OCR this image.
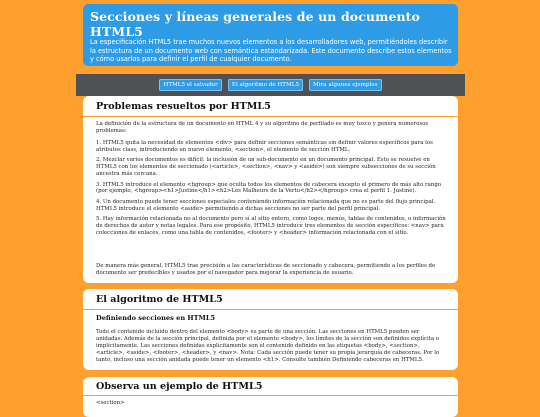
Secciones y líneas generales de un documento HTML5

La especificación HTML5 trae muchos nuevos elementos a los desarrolladores web, permitiéndoles describir la estructura de un documento web con semántica estandarizada. Este documento describe estos elementos y cómo usarlos para definir el perfil de cualquier documento.

HTML5 el salvador	El algoritmo de HTML5	Mira algunos ejemplos
Problemas resueltos por HTML5

La definición de la estructura de un documento en HTML 4 y su algoritmo de perfilado es muy tosco y genera numerosos problemas:

1. HTML5 quita la necesidad de elementos <div> para definir secciones semánticas sin definir valores específicos para los atributos class, introduciendo un nuevo elemento, <section>, el elemento de sección HTML.
2. Mezclar varios documentos es difícil: la inclusión de un sub-documento en un documento principal. Esto se resuelve en HTML5 con los elementos de seccionado (<article>, <section>, <nav> y <aside>) son siempre subsecciones de su sección ancestra más cercana.
3. HTML5 introduce el elemento <hgroup> que oculta todos los elementos de cabecera excepto el primero de más alto rango (por ejemplo, <hgroup><h1>Justine</h1><h2>Les Malheurs de la Vertu</h2></hgroup> crea el perfil 1. Justine).
4. Un documento puede tener secciones especiales conteniendo información relacionada que no es parte del flujo principal. HTML5 introduce el elemento <aside> permitiendo a dichas secciones no ser parte del perfil principal.
5. Hay información relacionada no al documento pero sí al sitio entero, como logos, menús, tablas de contenidos, o información de derechos de autor y notas legales. Para ese propósito, HTML5 introduce tres elementos de sección específicos: <nav> para colecciones de enlaces, como una tabla de contenidos, <footer> y <header> información relacionada con el sitio.

De manera más general, HTML5 trae precisión a las características de seccionado y cabecera, permitiendo a los perfiles de documento ser predecibles y usados por el navegador para mejorar la experiencia de usuario.

El algoritmo de HTML5
Definiendo secciones en HTML5

Todo el contenido incluido dentro del elemento <body> es parte de una sección. Las secciones en HTML5 pueden ser anidadas. Además de la sección principal, definida por el elemento <body>, los límites de la sección son definidos explícita o implícitamente. Las secciones definidas explícitamente son el contenido definido en las etiquetas <body>, <section>, <article>, <aside>, <footer>, <header>, y <nav>. Nota: Cada sección puede tener su propia jerarquía de cabeceras. Por lo tanto, incluso una sección anidada puede tener un elemento <h1>. Consulte también Definiendo cabeceras en HTML5.

Observa un ejemplo de HTML5
<section>
